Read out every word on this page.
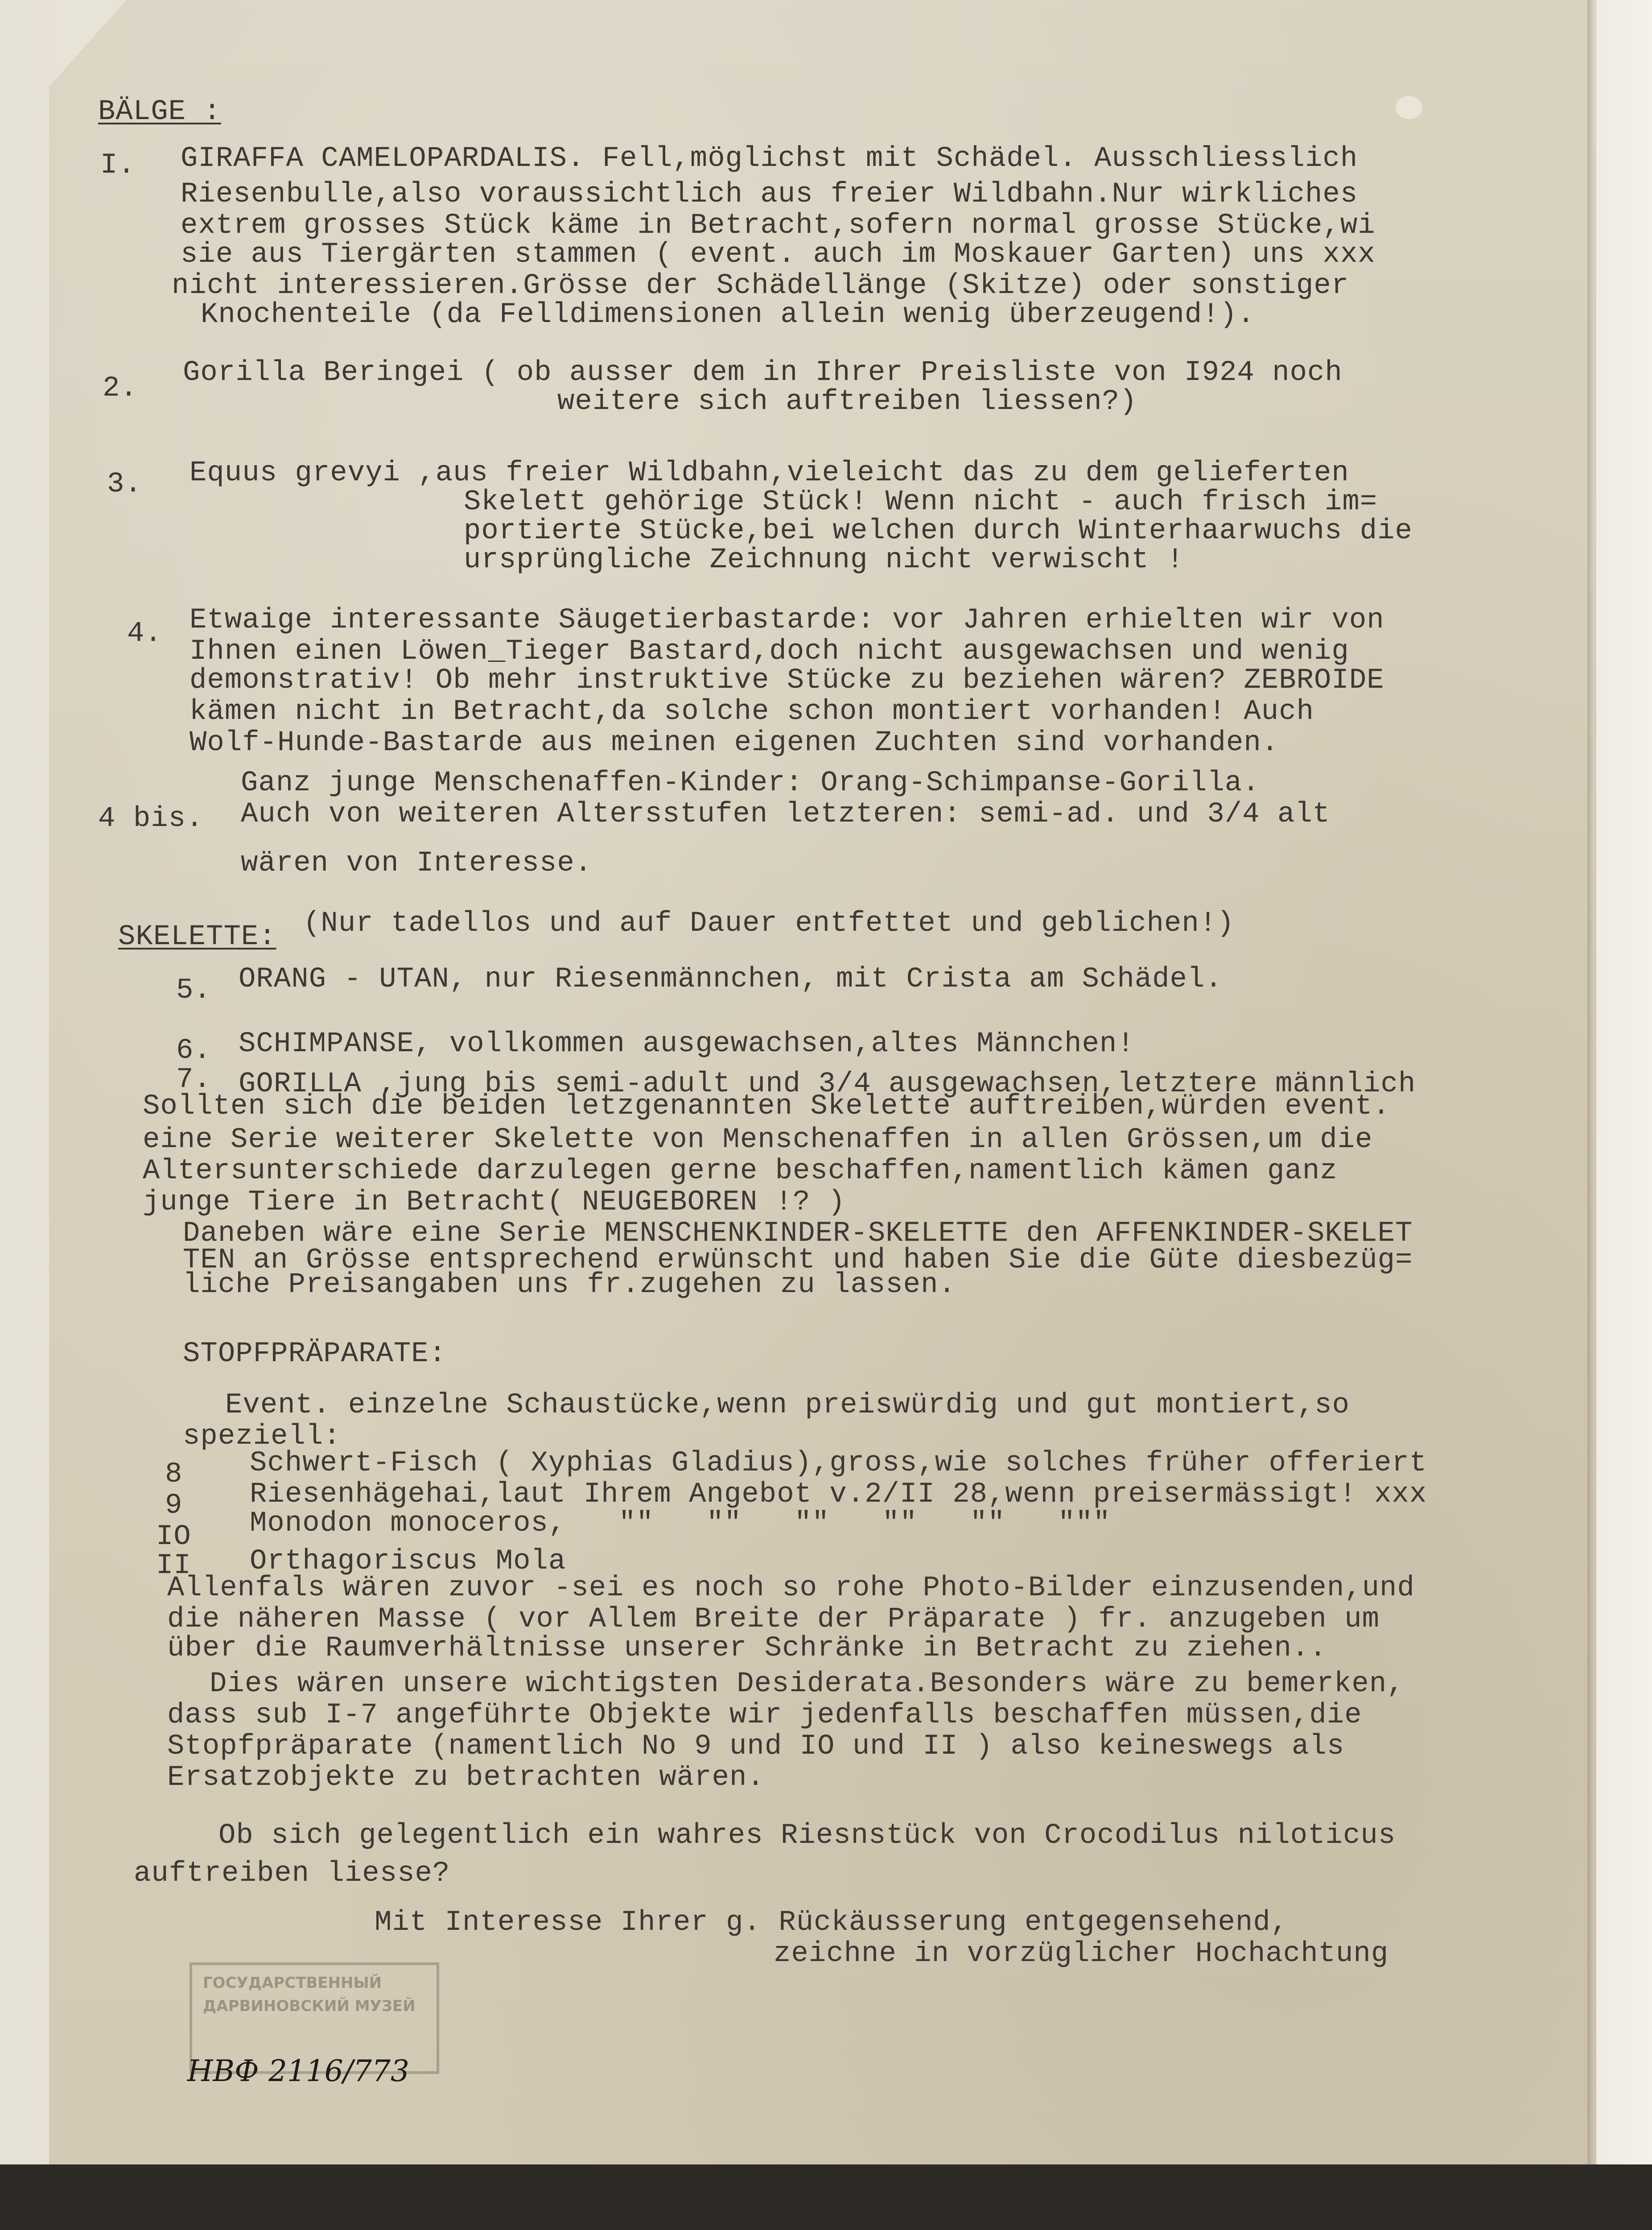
BÄLGE :

I.

GIRAFFA CAMELOPARDALIS. Fell,möglichst mit Schädel. Ausschliesslich

Riesenbulle,also voraussichtlich aus freier Wildbahn.Nur wirkliches

extrem grosses Stück käme in Betracht,sofern normal grosse Stücke,wi

sie aus Tiergärten stammen ( event. auch im Moskauer Garten) uns xxx

nicht interessieren.Grösse der Schädellänge (Skitze) oder sonstiger

Knochenteile (da Felldimensionen allein wenig überzeugend!).

2.

Gorilla Beringei ( ob ausser dem in Ihrer Preisliste von I924 noch

weitere sich auftreiben liessen?)

3.

Equus grevyi ,aus freier Wildbahn,vieleicht das zu dem gelieferten

Skelett gehörige Stück! Wenn nicht - auch frisch im=

portierte Stücke,bei welchen durch Winterhaarwuchs die

ursprüngliche Zeichnung nicht verwischt !

4.

Etwaige interessante Säugetierbastarde: vor Jahren erhielten wir von

Ihnen einen Löwen_Tieger Bastard,doch nicht ausgewachsen und wenig

demonstrativ! Ob mehr instruktive Stücke zu beziehen wären? ZEBROIDE

kämen nicht in Betracht,da solche schon montiert vorhanden! Auch

Wolf-Hunde-Bastarde aus meinen eigenen Zuchten sind vorhanden.

4 bis.

Ganz junge Menschenaffen-Kinder: Orang-Schimpanse-Gorilla.

Auch von weiteren Altersstufen letzteren: semi-ad. und 3/4 alt

wären von Interesse.

SKELETTE:

(Nur tadellos und auf Dauer entfettet und geblichen!)

5.

ORANG - UTAN, nur Riesenmännchen, mit Crista am Schädel.

6.

SCHIMPANSE, vollkommen ausgewachsen,altes Männchen!

7.

GORILLA ,jung bis semi-adult und 3/4 ausgewachsen,letztere männlich

Sollten sich die beiden letzgenannten Skelette auftreiben,würden event.

eine Serie weiterer Skelette von Menschenaffen in allen Grössen,um die

Altersunterschiede darzulegen gerne beschaffen,namentlich kämen ganz

junge Tiere in Betracht( NEUGEBOREN !? )

Daneben wäre eine Serie MENSCHENKINDER-SKELETTE den AFFENKINDER-SKELET

TEN an Grösse entsprechend erwünscht und haben Sie die Güte diesbezüg=

liche Preisangaben uns fr.zugehen zu lassen.

STOPFPRÄPARATE:

Event. einzelne Schaustücke,wenn preiswürdig und gut montiert,so

speziell:

8

Schwert-Fisch ( Xyphias Gladius),gross,wie solches früher offeriert

9

Riesenhägehai,laut Ihrem Angebot v.2/II 28,wenn preisermässigt! xxx

IO

Monodon monoceros,   ""   ""   ""   ""   ""   """

II

Orthagoriscus Mola

Allenfals wären zuvor -sei es noch so rohe Photo-Bilder einzusenden,und

die näheren Masse ( vor Allem Breite der Präparate ) fr. anzugeben um

über die Raumverhältnisse unserer Schränke in Betracht zu ziehen..

Dies wären unsere wichtigsten Desiderata.Besonders wäre zu bemerken,

dass sub I-7 angeführte Objekte wir jedenfalls beschaffen müssen,die

Stopfpräparate (namentlich No 9 und IO und II ) also keineswegs als

Ersatzobjekte zu betrachten wären.

Ob sich gelegentlich ein wahres Riesnstück von Crocodilus niloticus

auftreiben liesse?

Mit Interesse Ihrer g. Rückäusserung entgegensehend,

zeichne in vorzüglicher Hochachtung

ГОСУДАРСТВЕННЫЙ
ДАРВИНОВСКИЙ МУЗЕЙ
НВФ 2116/773
